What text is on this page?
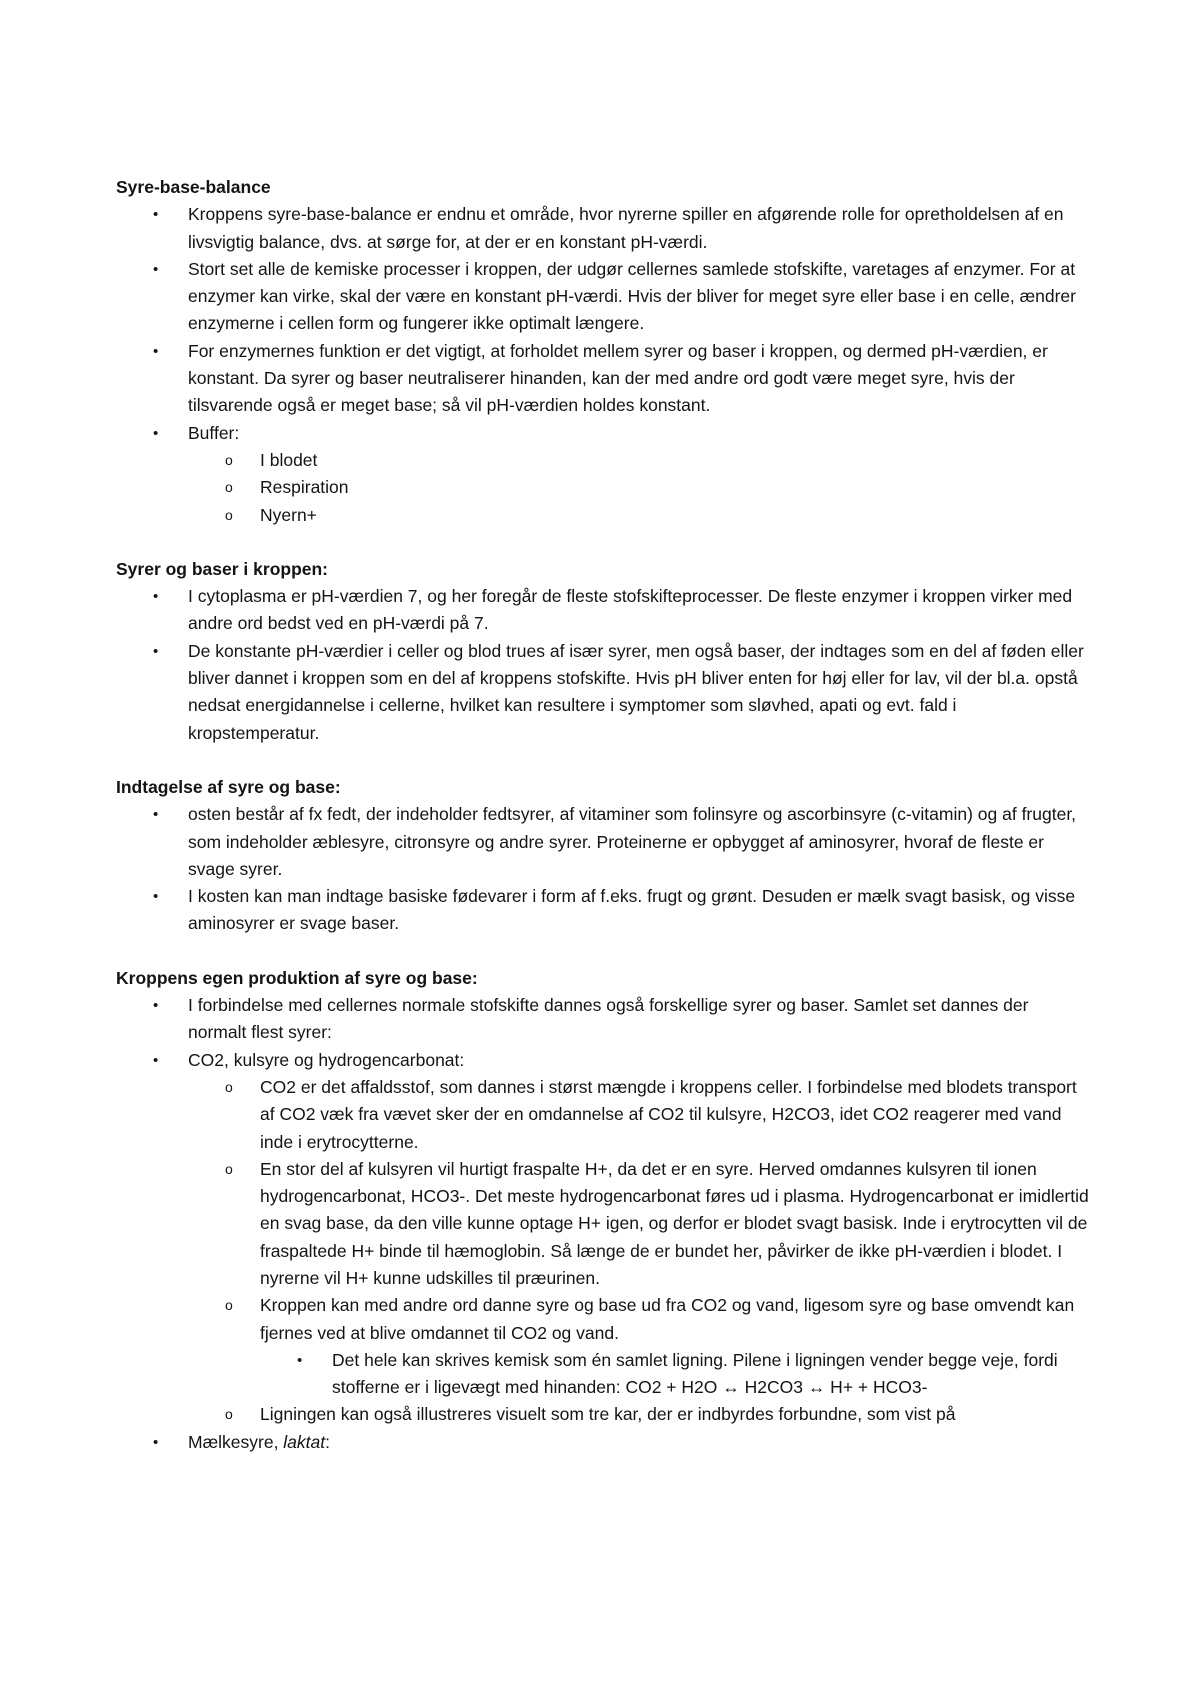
Syre-base-balance

• Kroppens syre-base-balance er endnu et område, hvor nyrerne spiller en afgørende rolle for opretholdelsen af en livsvigtig balance, dvs. at sørge for, at der er en konstant pH-værdi.
• Stort set alle de kemiske processer i kroppen, der udgør cellernes samlede stofskifte, varetages af enzymer. For at enzymer kan virke, skal der være en konstant pH-værdi. Hvis der bliver for meget syre eller base i en celle, ændrer enzymerne i cellen form og fungerer ikke optimalt længere.
• For enzymernes funktion er det vigtigt, at forholdet mellem syrer og baser i kroppen, og dermed pH-værdien, er konstant. Da syrer og baser neutraliserer hinanden, kan der med andre ord godt være meget syre, hvis der tilsvarende også er meget base; så vil pH-værdien holdes konstant.
• Buffer:
o I blodet
o Respiration
o Nyern+

Syrer og baser i kroppen:

• I cytoplasma er pH-værdien 7, og her foregår de fleste stofskifteprocesser. De fleste enzymer i kroppen virker med andre ord bedst ved en pH-værdi på 7.
• De konstante pH-værdier i celler og blod trues af især syrer, men også baser, der indtages som en del af føden eller bliver dannet i kroppen som en del af kroppens stofskifte. Hvis pH bliver enten for høj eller for lav, vil der bl.a. opstå nedsat energidannelse i cellerne, hvilket kan resultere i symptomer som sløvhed, apati og evt. fald i kropstemperatur.

Indtagelse af syre og base:

• osten består af fx fedt, der indeholder fedtsyrer, af vitaminer som folinsyre og ascorbinsyre (c-vitamin) og af frugter, som indeholder æblesyre, citronsyre og andre syrer. Proteinerne er opbygget af aminosyrer, hvoraf de fleste er svage syrer.
• I kosten kan man indtage basiske fødevarer i form af f.eks. frugt og grønt. Desuden er mælk svagt basisk, og visse aminosyrer er svage baser.

Kroppens egen produktion af syre og base:

• I forbindelse med cellernes normale stofskifte dannes også forskellige syrer og baser. Samlet set dannes der normalt flest syrer:
• CO2, kulsyre og hydrogencarbonat:
o CO2 er det affaldsstof, som dannes i størst mængde i kroppens celler. I forbindelse med blodets transport af CO2 væk fra vævet sker der en omdannelse af CO2 til kulsyre, H2CO3, idet CO2 reagerer med vand inde i erytrocytterne.
o En stor del af kulsyren vil hurtigt fraspalte H+, da det er en syre. Herved omdannes kulsyren til ionen hydrogencarbonat, HCO3-. Det meste hydrogencarbonat føres ud i plasma. Hydrogencarbonat er imidlertid en svag base, da den ville kunne optage H+ igen, og derfor er blodet svagt basisk. Inde i erytrocytten vil de fraspaltede H+ binde til hæmoglobin. Så længe de er bundet her, påvirker de ikke pH-værdien i blodet. I nyrerne vil H+ kunne udskilles til præurinen.
o Kroppen kan med andre ord danne syre og base ud fra CO2 og vand, ligesom syre og base omvendt kan fjernes ved at blive omdannet til CO2 og vand.
• Det hele kan skrives kemisk som én samlet ligning. Pilene i ligningen vender begge veje, fordi stofferne er i ligevægt med hinanden: CO2 + H2O ↔ H2CO3 ↔ H+ + HCO3-
o Ligningen kan også illustreres visuelt som tre kar, der er indbyrdes forbundne, som vist på
• Mælkesyre, laktat:
